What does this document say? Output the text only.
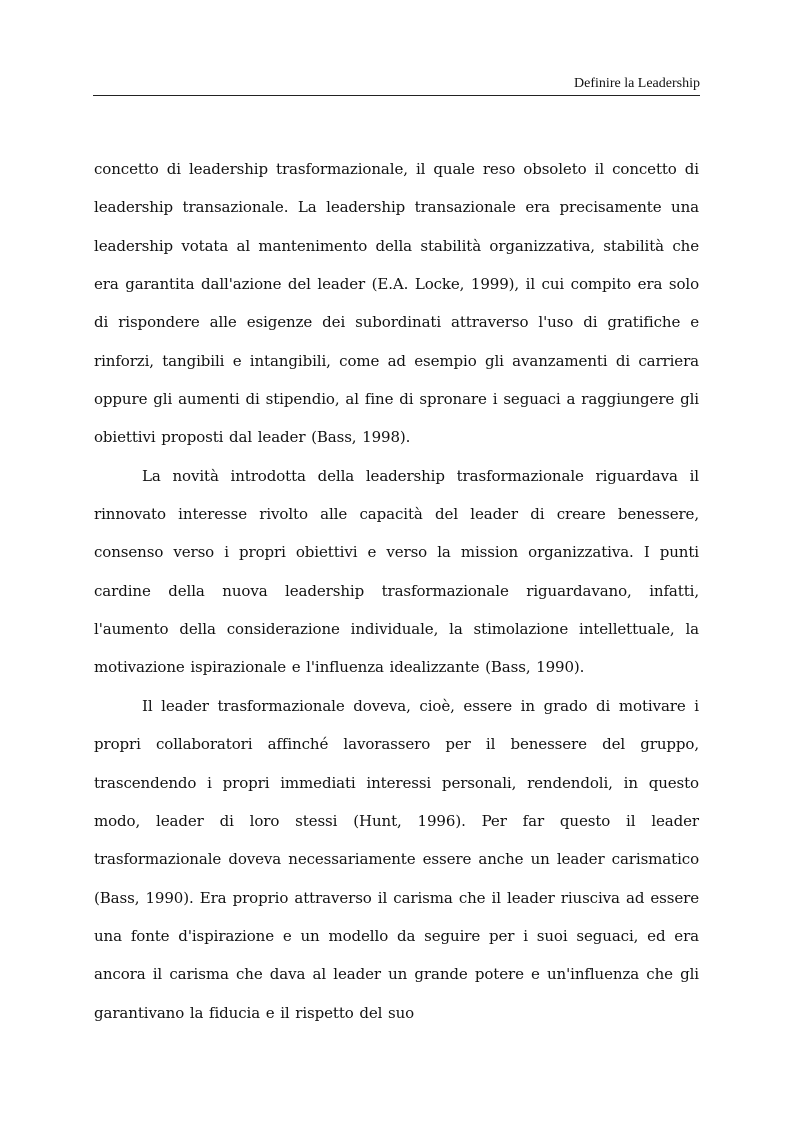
Definire la Leadership

concetto di leadership trasformazionale, il quale reso obsoleto il concetto di leadership transazionale. La leadership transazionale era precisamente una leadership votata al mantenimento della stabilità organizzativa, stabilità che era garantita dall'azione del leader (E.A. Locke, 1999), il cui compito era solo di rispondere alle esigenze dei subordinati attraverso l'uso di gratifiche e rinforzi, tangibili e intangibili, come ad esempio gli avanzamenti di carriera oppure gli aumenti di stipendio, al fine di spronare i seguaci a raggiungere gli obiettivi proposti dal leader (Bass, 1998).

La novità introdotta della leadership trasformazionale riguardava il rinnovato interesse rivolto alle capacità del leader di creare benessere, consenso verso i propri obiettivi e verso la mission organizzativa. I punti cardine della nuova leadership trasformazionale riguardavano, infatti, l'aumento della considerazione individuale, la stimolazione intellettuale, la motivazione ispirazionale e l'influenza idealizzante (Bass, 1990).

Il leader trasformazionale doveva, cioè, essere in grado di motivare i propri collaboratori affinché lavorassero per il benessere del gruppo, trascendendo i propri immediati interessi personali, rendendoli, in questo modo, leader di loro stessi (Hunt, 1996). Per far questo il leader trasformazionale doveva necessariamente essere anche un leader carismatico (Bass, 1990). Era proprio attraverso il carisma che il leader riusciva ad essere una fonte d'ispirazione e un modello da seguire per i suoi seguaci, ed era ancora il carisma che dava al leader un grande potere e un'influenza che gli garantivano la fiducia e il rispetto del suo
